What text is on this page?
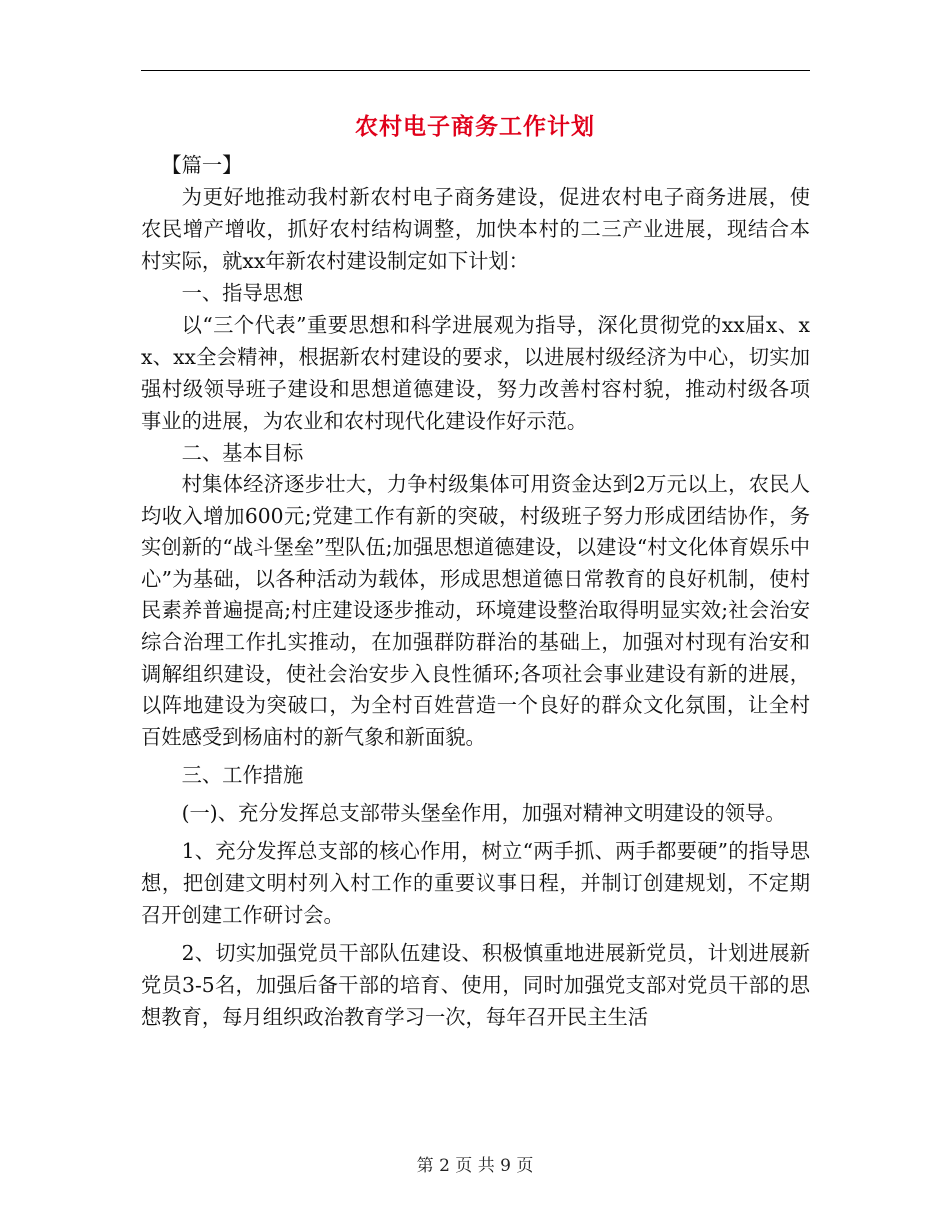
农村电子商务工作计划

【篇一】

为更好地推动我村新农村电子商务建设，促进农村电子商务进展，使农民增产增收，抓好农村结构调整，加快本村的二三产业进展，现结合本村实际，就xx年新农村建设制定如下计划：

一、指导思想

以“三个代表”重要思想和科学进展观为指导，深化贯彻党的xx届x、xx、xx全会精神，根据新农村建设的要求，以进展村级经济为中心，切实加强村级领导班子建设和思想道德建设，努力改善村容村貌，推动村级各项事业的进展，为农业和农村现代化建设作好示范。

二、基本目标

村集体经济逐步壮大，力争村级集体可用资金达到2万元以上，农民人均收入增加600元;党建工作有新的突破，村级班子努力形成团结协作，务实创新的“战斗堡垒”型队伍;加强思想道德建设，以建设“村文化体育娱乐中心”为基础，以各种活动为载体，形成思想道德日常教育的良好机制，使村民素养普遍提高;村庄建设逐步推动，环境建设整治取得明显实效;社会治安综合治理工作扎实推动，在加强群防群治的基础上，加强对村现有治安和调解组织建设，使社会治安步入良性循环;各项社会事业建设有新的进展，以阵地建设为突破口，为全村百姓营造一个良好的群众文化氛围，让全村百姓感受到杨庙村的新气象和新面貌。

三、工作措施

(一)、充分发挥总支部带头堡垒作用，加强对精神文明建设的领导。

1、充分发挥总支部的核心作用，树立“两手抓、两手都要硬”的指导思想，把创建文明村列入村工作的重要议事日程，并制订创建规划，不定期召开创建工作研讨会。

2、切实加强党员干部队伍建设、积极慎重地进展新党员，计划进展新党员3-5名，加强后备干部的培育、使用，同时加强党支部对党员干部的思想教育，每月组织政治教育学习一次，每年召开民主生活

第 2 页 共 9 页
